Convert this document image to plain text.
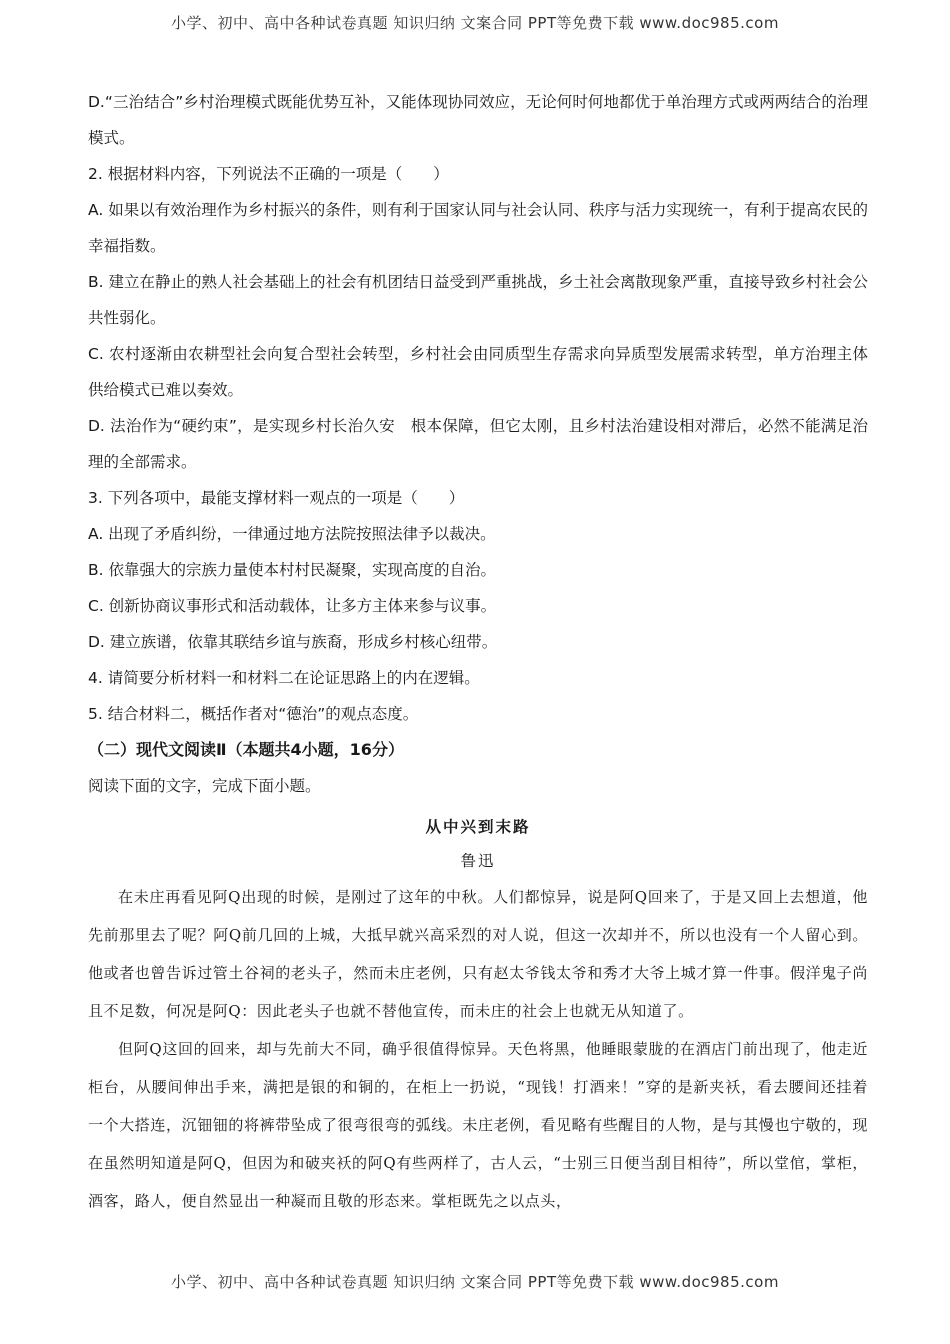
小学、初中、高中各种试卷真题 知识归纳 文案合同 PPT等免费下载 www.doc985.com

D.“三治结合”乡村治理模式既能优势互补，又能体现协同效应，无论何时何地都优于单治理方式或两两结合的治理模式。

2. 根据材料内容，下列说法不正确的一项是（　　）

A. 如果以有效治理作为乡村振兴的条件，则有利于国家认同与社会认同、秩序与活力实现统一，有利于提高农民的幸福指数。

B. 建立在静止的熟人社会基础上的社会有机团结日益受到严重挑战，乡土社会离散现象严重，直接导致乡村社会公共性弱化。

C. 农村逐渐由农耕型社会向复合型社会转型，乡村社会由同质型生存需求向异质型发展需求转型，单方治理主体供给模式已难以奏效。

D. 法治作为“硬约束”，是实现乡村长治久安　根本保障，但它太刚，且乡村法治建设相对滞后，必然不能满足治理的全部需求。

3. 下列各项中，最能支撑材料一观点的一项是（　　）

A. 出现了矛盾纠纷，一律通过地方法院按照法律予以裁决。

B. 依靠强大的宗族力量使本村村民凝聚，实现高度的自治。

C. 创新协商议事形式和活动载体，让多方主体来参与议事。

D. 建立族谱，依靠其联结乡谊与族裔，形成乡村核心纽带。

4. 请简要分析材料一和材料二在论证思路上的内在逻辑。

5. 结合材料二，概括作者对“德治”的观点态度。

（二）现代文阅读Ⅱ（本题共4小题，16分）

阅读下面的文字，完成下面小题。

从中兴到末路

鲁迅

在未庄再看见阿Q出现的时候，是刚过了这年的中秋。人们都惊异，说是阿Q回来了，于是又回上去想道，他先前那里去了呢？阿Q前几回的上城，大抵早就兴高采烈的对人说，但这一次却并不，所以也没有一个人留心到。他或者也曾告诉过管土谷祠的老头子，然而未庄老例，只有赵太爷钱太爷和秀才大爷上城才算一件事。假洋鬼子尚且不足数，何况是阿Q：因此老头子也就不替他宣传，而未庄的社会上也就无从知道了。

但阿Q这回的回来，却与先前大不同，确乎很值得惊异。天色将黑，他睡眼蒙胧的在酒店门前出现了，他走近柜台，从腰间伸出手来，满把是银的和铜的，在柜上一扔说，“现钱！打酒来！”穿的是新夹袄，看去腰间还挂着一个大搭连，沉钿钿的将裤带坠成了很弯很弯的弧线。未庄老例，看见略有些醒目的人物，是与其慢也宁敬的，现在虽然明知道是阿Q，但因为和破夹袄的阿Q有些两样了，古人云，“士别三日便当刮目相待”，所以堂倌，掌柜，酒客，路人，便自然显出一种凝而且敬的形态来。掌柜既先之以点头，

小学、初中、高中各种试卷真题 知识归纳 文案合同 PPT等免费下载 www.doc985.com
